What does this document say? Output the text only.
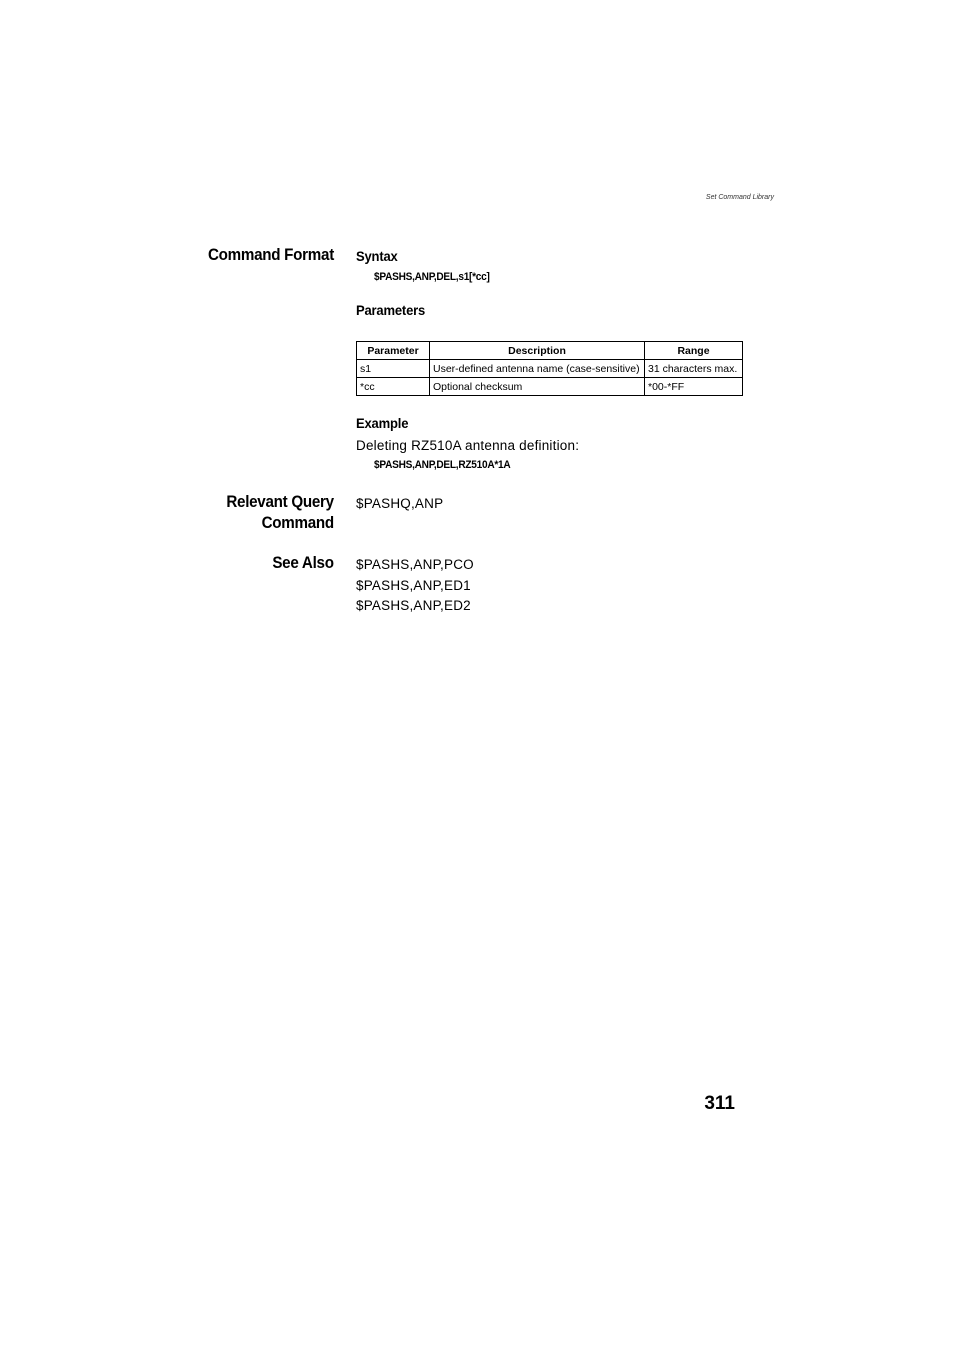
Set Command Library
Command Format Syntax
$PASHS,ANP,DEL,s1[*cc]
Parameters
Parameter	Description	Range
s1	User-defined antenna name (case-sensitive)	31 characters max.
*cc	Optional checksum	*00-*FF
Example
Deleting RZ510A antenna definition:
$PASHS,ANP,DEL,RZ510A*1A
Relevant Query
Command
$PASHQ,ANP
See Also $PASHS,ANP,PCO
$PASHS,ANP,ED1
$PASHS,ANP,ED2
311
